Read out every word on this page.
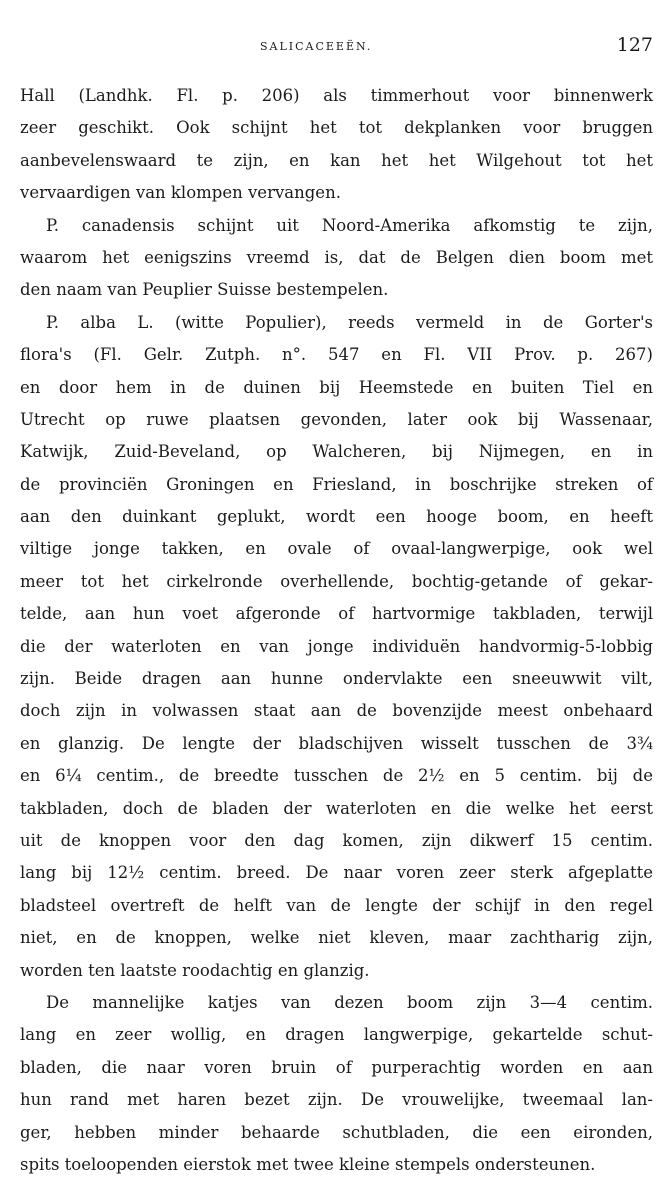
SALICACEEËN.	127
Hall (Landhk. Fl. p. 206) als timmerhout voor binnenwerk
zeer geschikt. Ook schijnt het tot dekplanken voor bruggen
aanbevelenswaard te zijn, en kan het het Wilgehout tot het
vervaardigen van klompen vervangen.
P. canadensis schijnt uit Noord-Amerika afkomstig te zijn,
waarom het eenigszins vreemd is, dat de Belgen dien boom met
den naam van Peuplier Suisse bestempelen.
P. alba L. (witte Populier), reeds vermeld in de Gorter's
flora's (Fl. Gelr. Zutph. n°. 547 en Fl. VII Prov. p. 267)
en door hem in de duinen bij Heemstede en buiten Tiel en
Utrecht op ruwe plaatsen gevonden, later ook bij Wassenaar,
Katwijk, Zuid-Beveland, op Walcheren, bij Nijmegen, en in
de provinciën Groningen en Friesland, in boschrijke streken of
aan den duinkant geplukt, wordt een hooge boom, en heeft
viltige jonge takken, en ovale of ovaal-langwerpige, ook wel
meer tot het cirkelronde overhellende, bochtig-getande of gekar-
telde, aan hun voet afgeronde of hartvormige takbladen, terwijl
die der waterloten en van jonge individuën handvormig-5-lobbig
zijn. Beide dragen aan hunne ondervlakte een sneeuwwit vilt,
doch zijn in volwassen staat aan de bovenzijde meest onbehaard
en glanzig. De lengte der bladschijven wisselt tusschen de 3¾
en 6¼ centim., de breedte tusschen de 2½ en 5 centim. bij de
takbladen, doch de bladen der waterloten en die welke het eerst
uit de knoppen voor den dag komen, zijn dikwerf 15 centim.
lang bij 12½ centim. breed. De naar voren zeer sterk afgeplatte
bladsteel overtreft de helft van de lengte der schijf in den regel
niet, en de knoppen, welke niet kleven, maar zachtharig zijn,
worden ten laatste roodachtig en glanzig.
De mannelijke katjes van dezen boom zijn 3—4 centim.
lang en zeer wollig, en dragen langwerpige, gekartelde schut-
bladen, die naar voren bruin of purperachtig worden en aan
hun rand met haren bezet zijn. De vrouwelijke, tweemaal lan-
ger, hebben minder behaarde schutbladen, die een eironden,
spits toeloopenden eierstok met twee kleine stempels ondersteunen.
